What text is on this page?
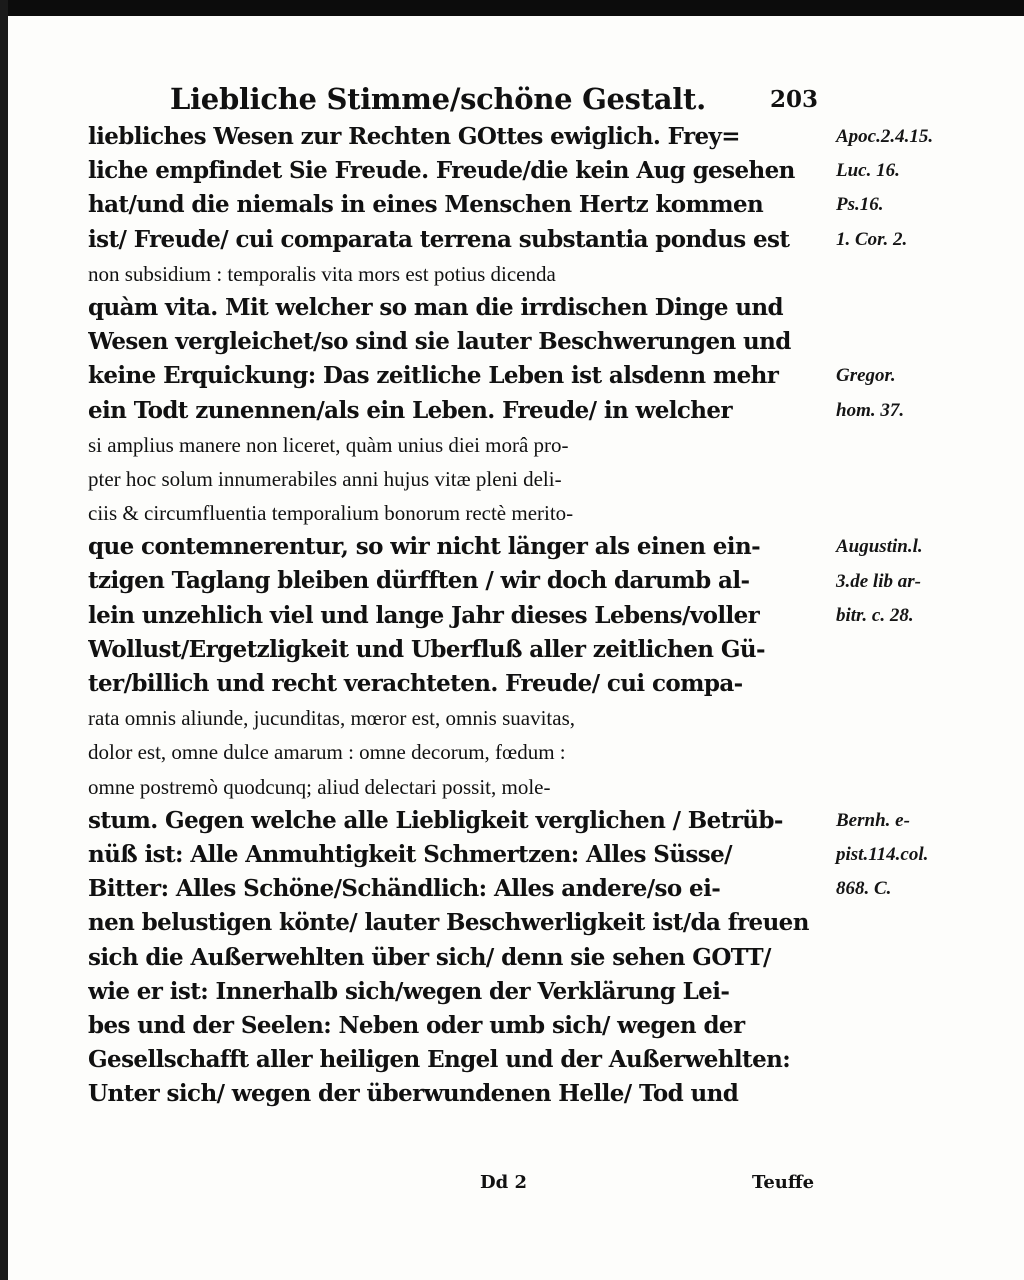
Liebliche Stimme/schöne Gestalt.	203
liebliches Wesen zur Rechten GOttes ewiglich. Frey=
liche empfindet Sie Freude. Freude/die kein Aug gesehen
hat/und die niemals in eines Menschen Hertz kommen
ist/ Freude/ cui comparata terrena substantia pondus est
non subsidium : temporalis vita mors est potius dicenda
quàm vita. Mit welcher so man die irrdischen Dinge und
Wesen vergleichet/so sind sie lauter Beschwerungen und
keine Erquickung: Das zeitliche Leben ist alsdenn mehr
ein Todt zunennen/als ein Leben. Freude/ in welcher
si amplius manere non liceret, quàm unius diei morâ pro-
pter hoc solum innumerabiles anni hujus vitæ pleni deli-
ciis & circumfluentia temporalium bonorum rectè merito-
que contemnerentur, so wir nicht länger als einen ein-
tzigen Taglang bleiben dürfften / wir doch darumb al-
lein unzehlich viel und lange Jahr dieses Lebens/voller
Wollust/Ergetzligkeit und Uberfluß aller zeitlichen Gü-
ter/billich und recht verachteten. Freude/ cui compa-
rata omnis aliunde, jucunditas, mœror est, omnis suavitas,
dolor est, omne dulce amarum : omne decorum, fœdum :
omne postremò quodcunq; aliud delectari possit, mole-
stum. Gegen welche alle Liebligkeit verglichen / Betrüb-
nüß ist: Alle Anmuhtigkeit Schmertzen: Alles Süsse/
Bitter: Alles Schöne/Schändlich: Alles andere/so ei-
nen belustigen könte/ lauter Beschwerligkeit ist/da freuen
sich die Außerwehlten über sich/ denn sie sehen GOTT/
wie er ist: Innerhalb sich/wegen der Verklärung Lei-
bes und der Seelen: Neben oder umb sich/ wegen der
Gesellschafft aller heiligen Engel und der Außerwehlten:
Unter sich/ wegen der überwundenen Helle/ Tod und
Apoc.2.4.15.
Luc. 16.
Ps.16.
1. Cor. 2.
Gregor.
hom. 37.
Augustin.l.
3.de lib ar-
bitr. c. 28.
Bernh. e-
pist.114.col.
868. C.
Dd 2	Teuffe
